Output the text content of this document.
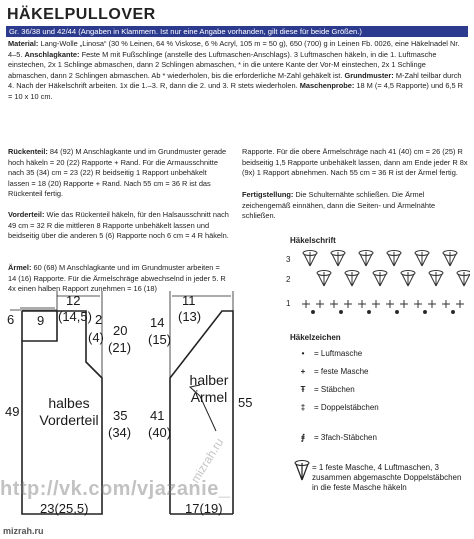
HÄKELPULLOVER
Gr. 36/38 und 42/44 (Angaben in Klammern. Ist nur eine Angabe vorhanden, gilt diese für beide Größen.)

Material: Lang-Wolle „Linosa“ (30 % Leinen, 64 % Viskose, 6 % Acryl, 105 m = 50 g), 650 (700) g in Leinen Fb. 0026, eine Häkelnadel Nr. 4–5. Anschlagkante: Feste M mit Fußschlinge (anstelle des Luftmaschen-Anschlags). 3 Luftmaschen häkeln, in die 1. Luftmasche einstechen, 2x 1 Schlinge abmaschen, dann 2 Schlingen abmaschen, * in die untere Kante der Vor-M einstechen, 2x 1 Schlinge abmaschen, dann 2 Schlingen abmaschen. Ab * wiederholen, bis die erforderliche M-Zahl gehäkelt ist. Grundmuster: M-Zahl teilbar durch 4. Nach der Häkelschrift arbeiten. 1x die 1.–3. R, dann die 2. und 3. R stets wiederholen. Maschenprobe: 18 M (= 4,5 Rapporte) und 6,5 R = 10 x 10 cm.

Rückenteil: 84 (92) M Anschlagkante und im Grundmuster gerade hoch häkeln = 20 (22) Rapporte + Rand. Für die Armausschnitte nach 35 (34) cm = 23 (22) R beidseitig 1 Rapport unbehäkelt lassen = 18 (20) Rapporte + Rand. Nach 55 cm = 36 R ist das Rückenteil fertig.

Vorderteil: Wie das Rückenteil häkeln, für den Halsausschnitt nach 49 cm = 32 R die mittleren 8 Rapporte unbehäkelt lassen und beidseitig über die anderen 5 (6) Rapporte noch 6 cm = 4 R häkeln.

Ärmel: 60 (68) M Anschlagkante und im Grundmuster arbeiten = 14 (16) Rapporte. Für die Ärmelschräge abwechselnd in jeder 5. R 4x einen halben Rapport zunehmen = 16 (18)

Rapporte. Für die obere Ärmelschräge nach 41 (40) cm = 26 (25) R beidseitig 1,5 Rapporte unbehäkelt lassen, dann am Ende jeder R 8x (9x) 1 Rapport abnehmen. Nach 55 cm = 36 R ist der Ärmel fertig.

Fertigstellung: Die Schulternähte schließen. Die Ärmel zeichengemäß einnähen, dann die Seiten- und Ärmelnähte schließen.

Häkelschrift
3
2
1
Häkelzeichen
• = Luftmasche
+ = feste Masche
Ŧ = Stäbchen
‡ = Doppelstäbchen
⨎ = 3fach-Stäbchen
= 1 feste Masche, 4 Luftmaschen, 3 zusammen abgemaschte Doppelstäbchen in die feste Masche häkeln
12
(14,5)
9	2
(4)
6
20
(21)
49	35
(34)
halbes
Vorderteil
23(25,5)
11
(13)
14
(15)
41
(40)
55
halber
Ärmel
17(19)
http://vk.com/vjazanie_
mizrah.ru
mizrah.ru
